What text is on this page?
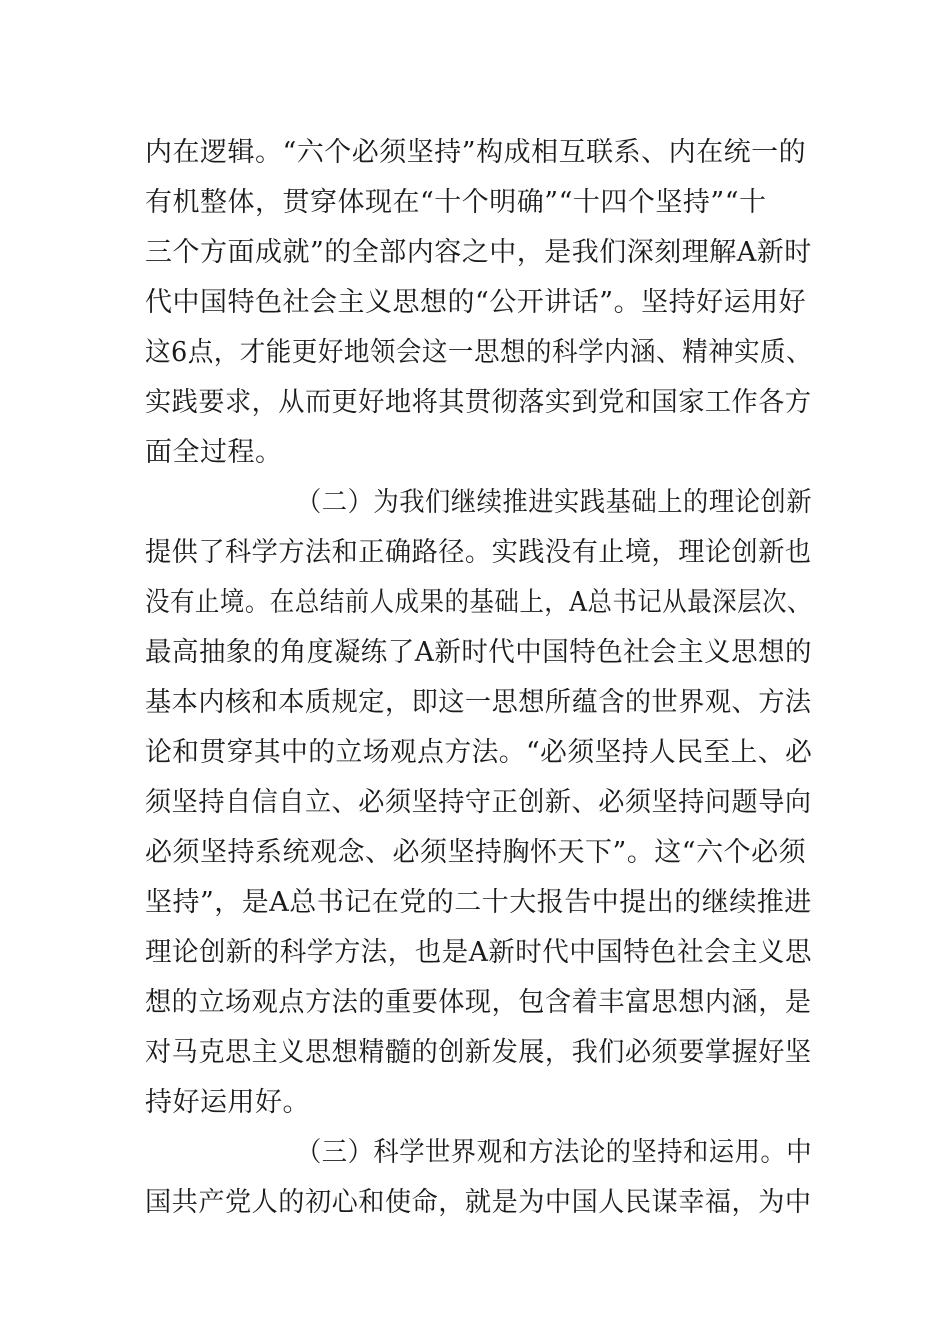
内在逻辑。“六个必须坚持”构成相互联系、内在统一的
有机整体，贯穿体现在“十个明确”“十四个坚持”“十
三个方面成就”的全部内容之中，是我们深刻理解A新时
代中国特色社会主义思想的“公开讲话”。坚持好运用好
这6点，才能更好地领会这一思想的科学内涵、精神实质、
实践要求，从而更好地将其贯彻落实到党和国家工作各方
面全过程。
（二）为我们继续推进实践基础上的理论创新
提供了科学方法和正确路径。实践没有止境，理论创新也
没有止境。在总结前人成果的基础上，A总书记从最深层次、
最高抽象的角度凝练了A新时代中国特色社会主义思想的
基本内核和本质规定，即这一思想所蕴含的世界观、方法
论和贯穿其中的立场观点方法。“必须坚持人民至上、必
须坚持自信自立、必须坚持守正创新、必须坚持问题导向
必须坚持系统观念、必须坚持胸怀天下”。这“六个必须
坚持”，是A总书记在党的二十大报告中提出的继续推进
理论创新的科学方法，也是A新时代中国特色社会主义思
想的立场观点方法的重要体现，包含着丰富思想内涵，是
对马克思主义思想精髓的创新发展，我们必须要掌握好坚
持好运用好。
（三）科学世界观和方法论的坚持和运用。中
国共产党人的初心和使命，就是为中国人民谋幸福，为中
